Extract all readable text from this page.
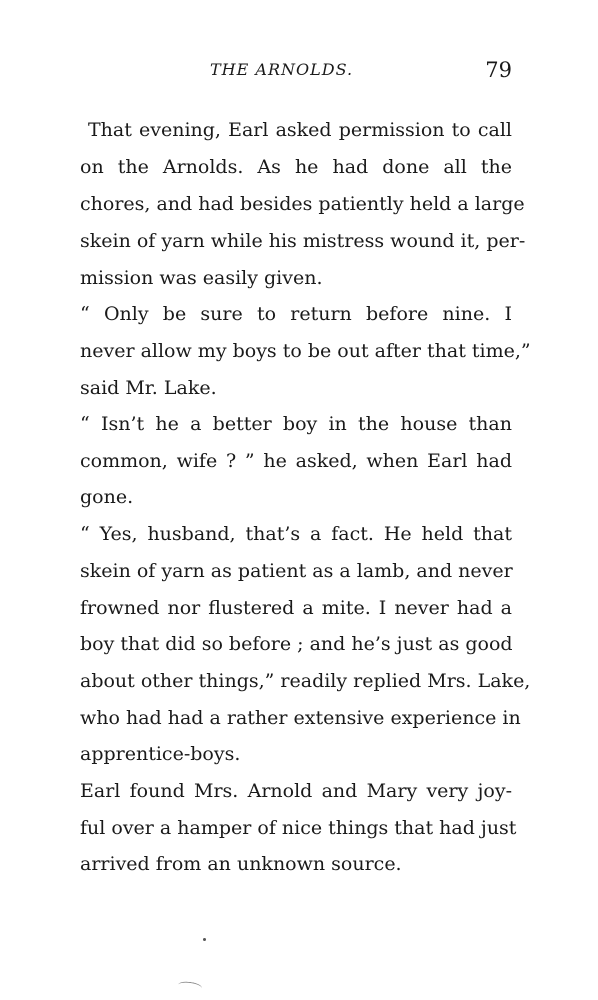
THE ARNOLDS.	79
That evening, Earl asked permission to call
on the Arnolds. As he had done all the
chores, and had besides patiently held a large
skein of yarn while his mistress wound it, per-
mission was easily given.
“ Only be sure to return before nine. I
never allow my boys to be out after that time,”
said Mr. Lake.
“ Isn’t he a better boy in the house than
common, wife ? ” he asked, when Earl had
gone.
“ Yes, husband, that’s a fact. He held that
skein of yarn as patient as a lamb, and never
frowned nor flustered a mite. I never had a
boy that did so before ; and he’s just as good
about other things,” readily replied Mrs. Lake,
who had had a rather extensive experience in
apprentice-boys.
Earl found Mrs. Arnold and Mary very joy-
ful over a hamper of nice things that had just
arrived from an unknown source.
